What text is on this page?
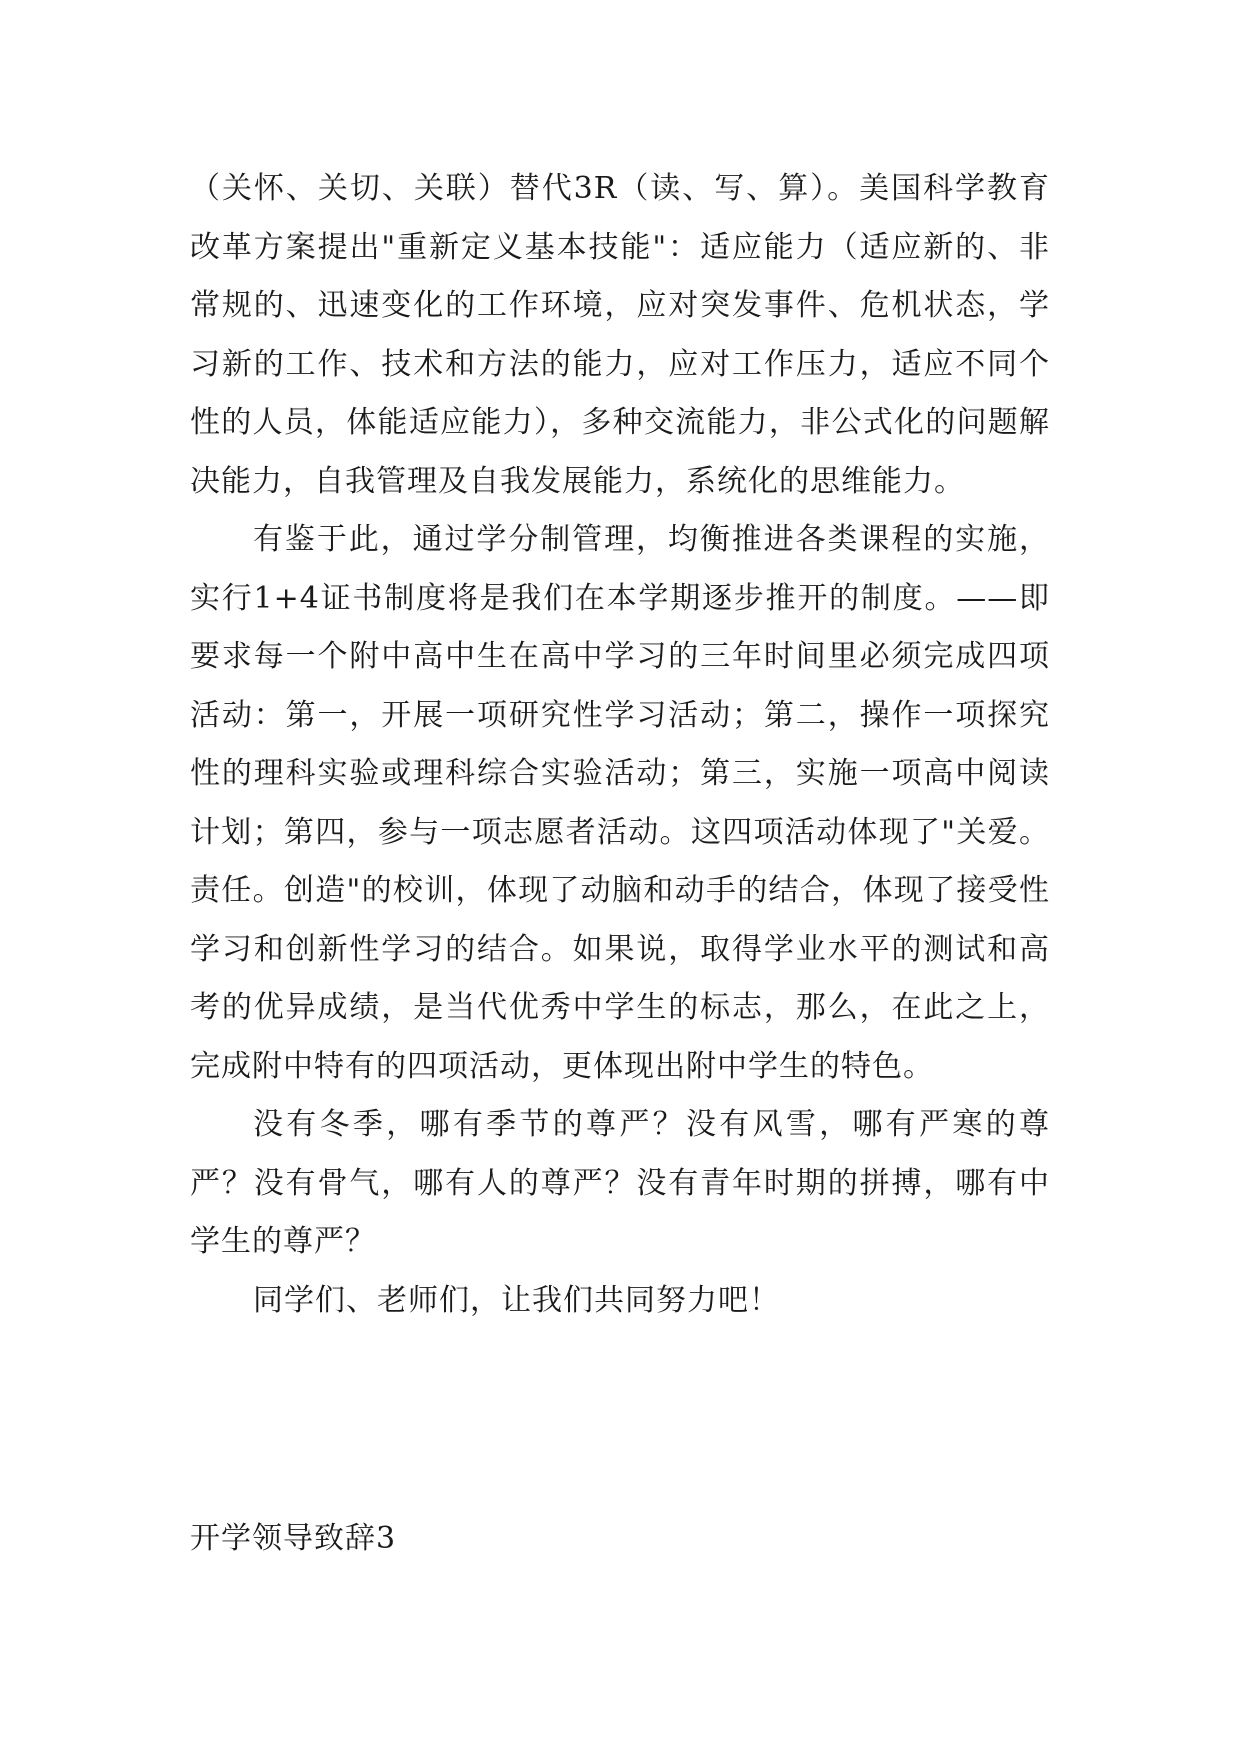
（关怀、关切、关联）替代3R（读、写、算）。美国科学教育改革方案提出"重新定义基本技能"：适应能力（适应新的、非常规的、迅速变化的工作环境，应对突发事件、危机状态，学习新的工作、技术和方法的能力，应对工作压力，适应不同个性的人员，体能适应能力），多种交流能力，非公式化的问题解决能力，自我管理及自我发展能力，系统化的思维能力。

有鉴于此，通过学分制管理，均衡推进各类课程的实施，实行1+4证书制度将是我们在本学期逐步推开的制度。——即要求每一个附中高中生在高中学习的三年时间里必须完成四项活动：第一，开展一项研究性学习活动；第二，操作一项探究性的理科实验或理科综合实验活动；第三，实施一项高中阅读计划；第四，参与一项志愿者活动。这四项活动体现了"关爱。责任。创造"的校训，体现了动脑和动手的结合，体现了接受性学习和创新性学习的结合。如果说，取得学业水平的测试和高考的优异成绩，是当代优秀中学生的标志，那么，在此之上，完成附中特有的四项活动，更体现出附中学生的特色。

没有冬季，哪有季节的尊严？没有风雪，哪有严寒的尊严？没有骨气，哪有人的尊严？没有青年时期的拼搏，哪有中学生的尊严？

同学们、老师们，让我们共同努力吧！

开学领导致辞3
